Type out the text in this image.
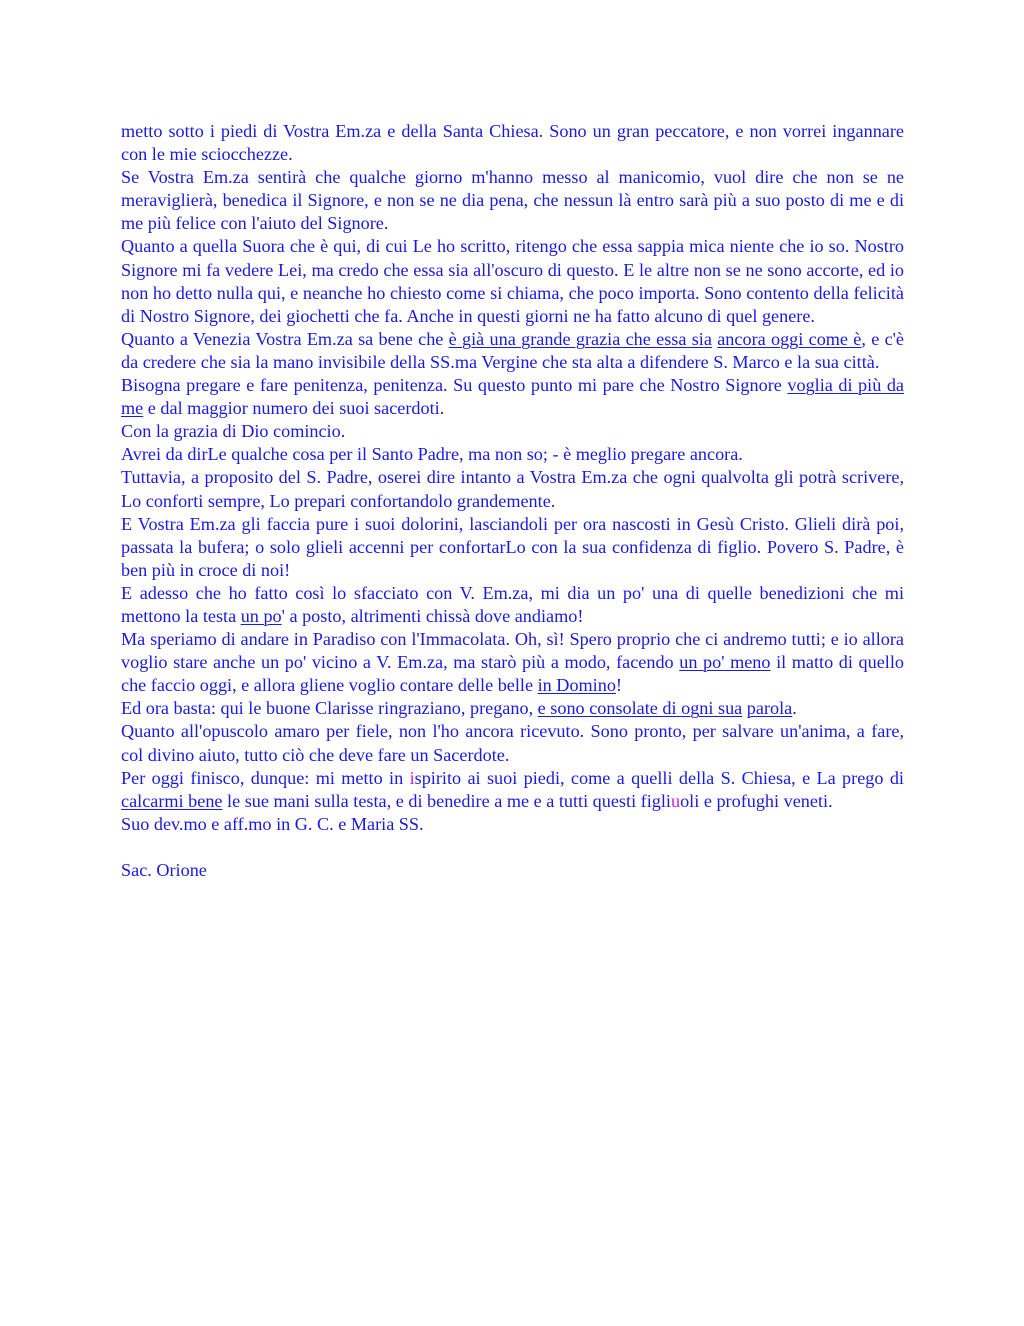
metto sotto i piedi di Vostra Em.za e della Santa Chiesa. Sono un gran peccatore, e non vorrei ingannare con le mie sciocchezze.

Se Vostra Em.za sentirà che qualche giorno m'hanno messo al manicomio, vuol dire che non se ne meraviglierà, benedica il Signore, e non se ne dia pena, che nessun là entro sarà più a suo posto di me e di me più felice con l'aiuto del Signore.

Quanto a quella Suora che è qui, di cui Le ho scritto, ritengo che essa sappia mica niente che io so. Nostro Signore mi fa vedere Lei, ma credo che essa sia all'oscuro di questo. E le altre non se ne sono accorte, ed io non ho detto nulla qui, e neanche ho chiesto come si chiama, che poco importa. Sono contento della felicità di Nostro Signore, dei giochetti che fa. Anche in questi giorni ne ha fatto alcuno di quel genere.

Quanto a Venezia Vostra Em.za sa bene che è già una grande grazia che essa sia ancora oggi come è, e c'è da credere che sia la mano invisibile della SS.ma Vergine che sta alta a difendere S. Marco e la sua città.

Bisogna pregare e fare penitenza, penitenza. Su questo punto mi pare che Nostro Signore voglia di più da me e dal maggior numero dei suoi sacerdoti.

Con la grazia di Dio comincio.

Avrei da dirLe qualche cosa per il Santo Padre, ma non so; - è meglio pregare ancora.

Tuttavia, a proposito del S. Padre, oserei dire intanto a Vostra Em.za che ogni qualvolta gli potrà scrivere, Lo conforti sempre, Lo prepari confortandolo grandemente.

E Vostra Em.za gli faccia pure i suoi dolorini, lasciandoli per ora nascosti in Gesù Cristo. Glieli dirà poi, passata la bufera; o solo glieli accenni per confortarLo con la sua confidenza di figlio. Povero S. Padre, è ben più in croce di noi!

E adesso che ho fatto così lo sfacciato con V. Em.za, mi dia un po' una di quelle benedizioni che mi mettono la testa un po' a posto, altrimenti chissà dove andiamo!

Ma speriamo di andare in Paradiso con l'Immacolata. Oh, sì! Spero proprio che ci andremo tutti; e io allora voglio stare anche un po' vicino a V. Em.za, ma starò più a modo, facendo un po' meno il matto di quello che faccio oggi, e allora gliene voglio contare delle belle in Domino!

Ed ora basta: qui le buone Clarisse ringraziano, pregano, e sono consolate di ogni sua parola.

Quanto all'opuscolo amaro per fiele, non l'ho ancora ricevuto. Sono pronto, per salvare un'anima, a fare, col divino aiuto, tutto ciò che deve fare un Sacerdote.

Per oggi finisco, dunque: mi metto in ispirito ai suoi piedi, come a quelli della S. Chiesa, e La prego di calcarmi bene le sue mani sulla testa, e di benedire a me e a tutti questi figliuoli e profughi veneti.

Suo dev.mo e aff.mo in G. C. e Maria SS.

Sac. Orione
